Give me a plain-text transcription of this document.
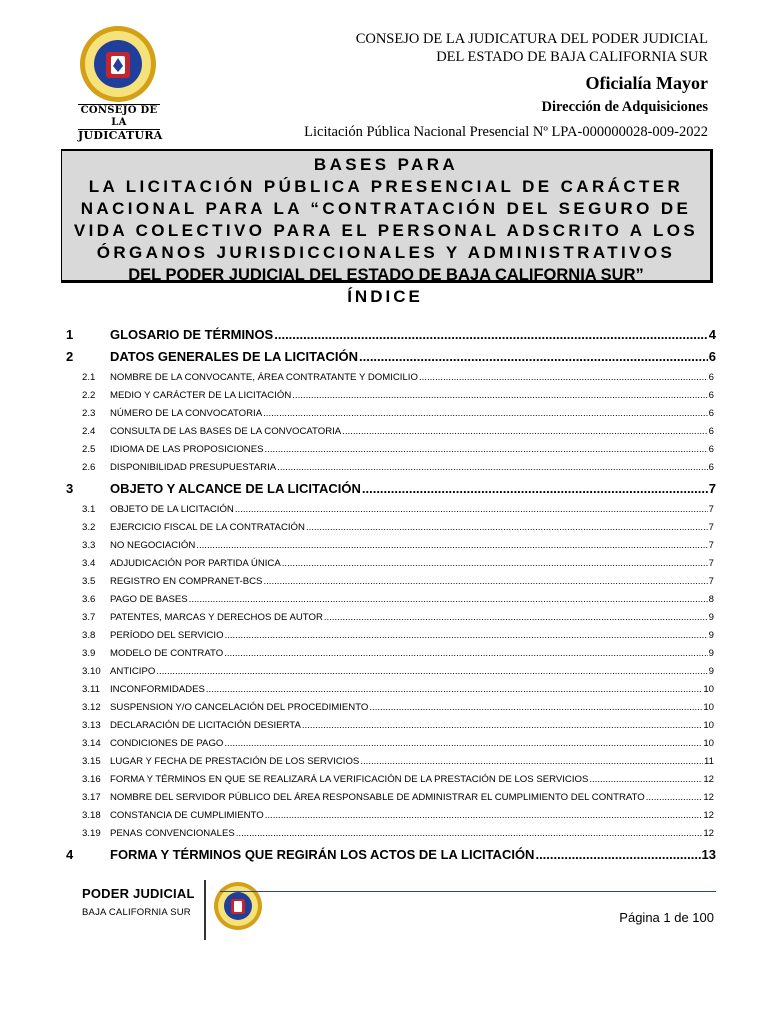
CONSEJO DE LA
JUDICATURA
CONSEJO DE LA JUDICATURA DEL PODER JUDICIAL
DEL ESTADO DE BAJA CALIFORNIA SUR
Oficialía Mayor
Dirección de Adquisiciones
Licitación Pública Nacional Presencial Nº LPA-000000028-009-2022
BASES PARA
LA LICITACIÓN PÚBLICA PRESENCIAL DE CARÁCTER
NACIONAL PARA LA “CONTRATACIÓN DEL SEGURO DE
VIDA COLECTIVO PARA EL PERSONAL ADSCRITO A LOS
ÓRGANOS JURISDICCIONALES Y ADMINISTRATIVOS
DEL PODER JUDICIAL DEL ESTADO DE BAJA CALIFORNIA SUR”
ÍNDICE
1	GLOSARIO DE TÉRMINOS .....	4
2	DATOS GENERALES DE LA LICITACIÓN .....	6
2.1	NOMBRE DE LA CONVOCANTE, ÁREA CONTRATANTE Y DOMICILIO .....	6
2.2	MEDIO Y CARÁCTER DE LA LICITACIÓN .....	6
2.3	NÚMERO DE LA CONVOCATORIA .....	6
2.4	CONSULTA DE LAS BASES DE LA CONVOCATORIA .....	6
2.5	IDIOMA DE LAS PROPOSICIONES .....	6
2.6	DISPONIBILIDAD PRESUPUESTARIA .....	6
3	OBJETO Y ALCANCE DE LA LICITACIÓN .....	7
3.1	OBJETO DE LA LICITACIÓN .....	7
3.2	EJERCICIO FISCAL DE LA CONTRATACIÓN .....	7
3.3	NO NEGOCIACIÓN .....	7
3.4	ADJUDICACIÓN POR PARTIDA ÚNICA .....	7
3.5	REGISTRO EN COMPRANET-BCS .....	7
3.6	PAGO DE BASES .....	8
3.7	PATENTES, MARCAS Y DERECHOS DE AUTOR .....	9
3.8	PERÍODO DEL SERVICIO .....	9
3.9	MODELO DE CONTRATO .....	9
3.10 ANTICIPO .....	9
3.11	INCONFORMIDADES .....	10
3.12 SUSPENSION Y/O CANCELACIÓN DEL PROCEDIMIENTO .....	10
3.13 DECLARACIÓN DE LICITACIÓN DESIERTA .....	10
3.14 CONDICIONES DE PAGO .....	10
3.15 LUGAR Y FECHA DE PRESTACIÓN DE LOS SERVICIOS .....	11
3.16 FORMA Y TÉRMINOS EN QUE SE REALIZARÁ LA VERIFICACIÓN DE LA PRESTACIÓN DE LOS SERVICIOS .....	12
3.17 NOMBRE DEL SERVIDOR PÚBLICO DEL ÁREA RESPONSABLE DE ADMINISTRAR EL CUMPLIMIENTO DEL CONTRATO .....	12
3.18 CONSTANCIA DE CUMPLIMIENTO .....	12
3.19 PENAS CONVENCIONALES .....	12
4	FORMA Y TÉRMINOS QUE REGIRÁN LOS ACTOS DE LA LICITACIÓN .....	13
PODER JUDICIAL
BAJA CALIFORNIA SUR	Página 1 de 100
